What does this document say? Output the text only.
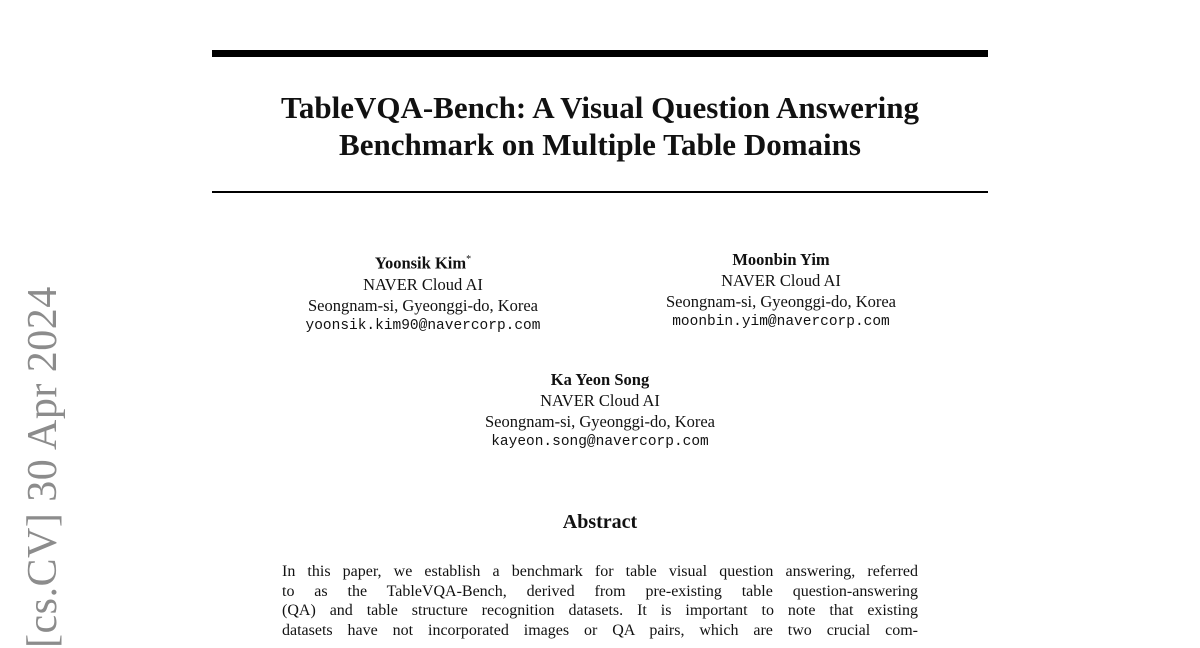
[cs.CV] 30 Apr 2024
TableVQA-Bench: A Visual Question Answering
Benchmark on Multiple Table Domains
Yoonsik Kim*
NAVER Cloud AI
Seongnam-si, Gyeonggi-do, Korea
yoonsik.kim90@navercorp.com
Moonbin Yim
NAVER Cloud AI
Seongnam-si, Gyeonggi-do, Korea
moonbin.yim@navercorp.com
Ka Yeon Song
NAVER Cloud AI
Seongnam-si, Gyeonggi-do, Korea
kayeon.song@navercorp.com
Abstract
In this paper, we establish a benchmark for table visual question answering, referred
to as the TableVQA-Bench, derived from pre-existing table question-answering
(QA) and table structure recognition datasets. It is important to note that existing
datasets have not incorporated images or QA pairs, which are two crucial com-
